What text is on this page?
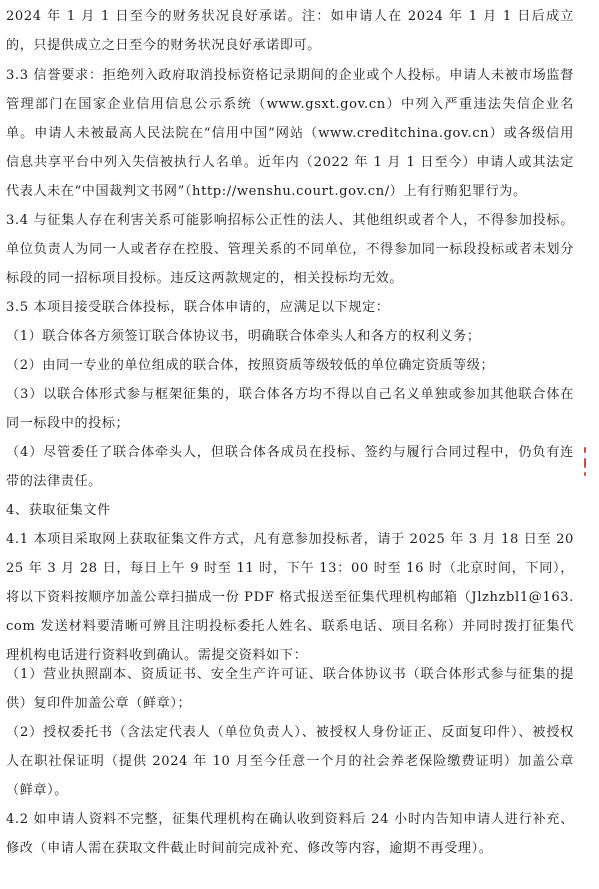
2024 年 1 月 1 日至今的财务状况良好承诺。注：如申请人在 2024 年 1 月 1 日后成立的，只提供成立之日至今的财务状况良好承诺即可。

3.3 信誉要求：拒绝列入政府取消投标资格记录期间的企业或个人投标。申请人未被市场监督管理部门在国家企业信用信息公示系统（www.gsxt.gov.cn）中列入严重违法失信企业名单。申请人未被最高人民法院在“信用中国”网站（www.creditchina.gov.cn）或各级信用信息共享平台中列入失信被执行人名单。近年内（2022 年 1 月 1 日至今）申请人或其法定代表人未在“中国裁判文书网”（http://wenshu.court.gov.cn/）上有行贿犯罪行为。

3.4 与征集人存在利害关系可能影响招标公正性的法人、其他组织或者个人，不得参加投标。单位负责人为同一人或者存在控股、管理关系的不同单位，不得参加同一标段投标或者未划分标段的同一招标项目投标。违反这两款规定的，相关投标均无效。

3.5 本项目接受联合体投标，联合体申请的，应满足以下规定：

（1）联合体各方须签订联合体协议书，明确联合体牵头人和各方的权利义务；

（2）由同一专业的单位组成的联合体，按照资质等级较低的单位确定资质等级；

（3）以联合体形式参与框架征集的，联合体各方均不得以自己名义单独或参加其他联合体在同一标段中的投标；

（4）尽管委任了联合体牵头人，但联合体各成员在投标、签约与履行合同过程中，仍负有连带的法律责任。

4、获取征集文件

4.1 本项目采取网上获取征集文件方式，凡有意参加投标者，请于 2025 年 3 月 18 日至 2025 年 3 月 28 日，每日上午 9 时至 11 时，下午 13：00 时至 16 时（北京时间，下同），将以下资料按顺序加盖公章扫描成一份 PDF 格式报送至征集代理机构邮箱（Jlzhzbl1@163.com 发送材料要清晰可辨且注明投标委托人姓名、联系电话、项目名称）并同时拨打征集代理机构电话进行资料收到确认。需提交资料如下：

（1）营业执照副本、资质证书、安全生产许可证、联合体协议书（联合体形式参与征集的提供）复印件加盖公章（鲜章）；

（2）授权委托书（含法定代表人（单位负责人）、被授权人身份证正、反面复印件）、被授权人在职社保证明（提供 2024 年 10 月至今任意一个月的社会养老保险缴费证明）加盖公章（鲜章）。

4.2 如申请人资料不完整，征集代理机构在确认收到资料后 24 小时内告知申请人进行补充、修改（申请人需在获取文件截止时间前完成补充、修改等内容，逾期不再受理）。
